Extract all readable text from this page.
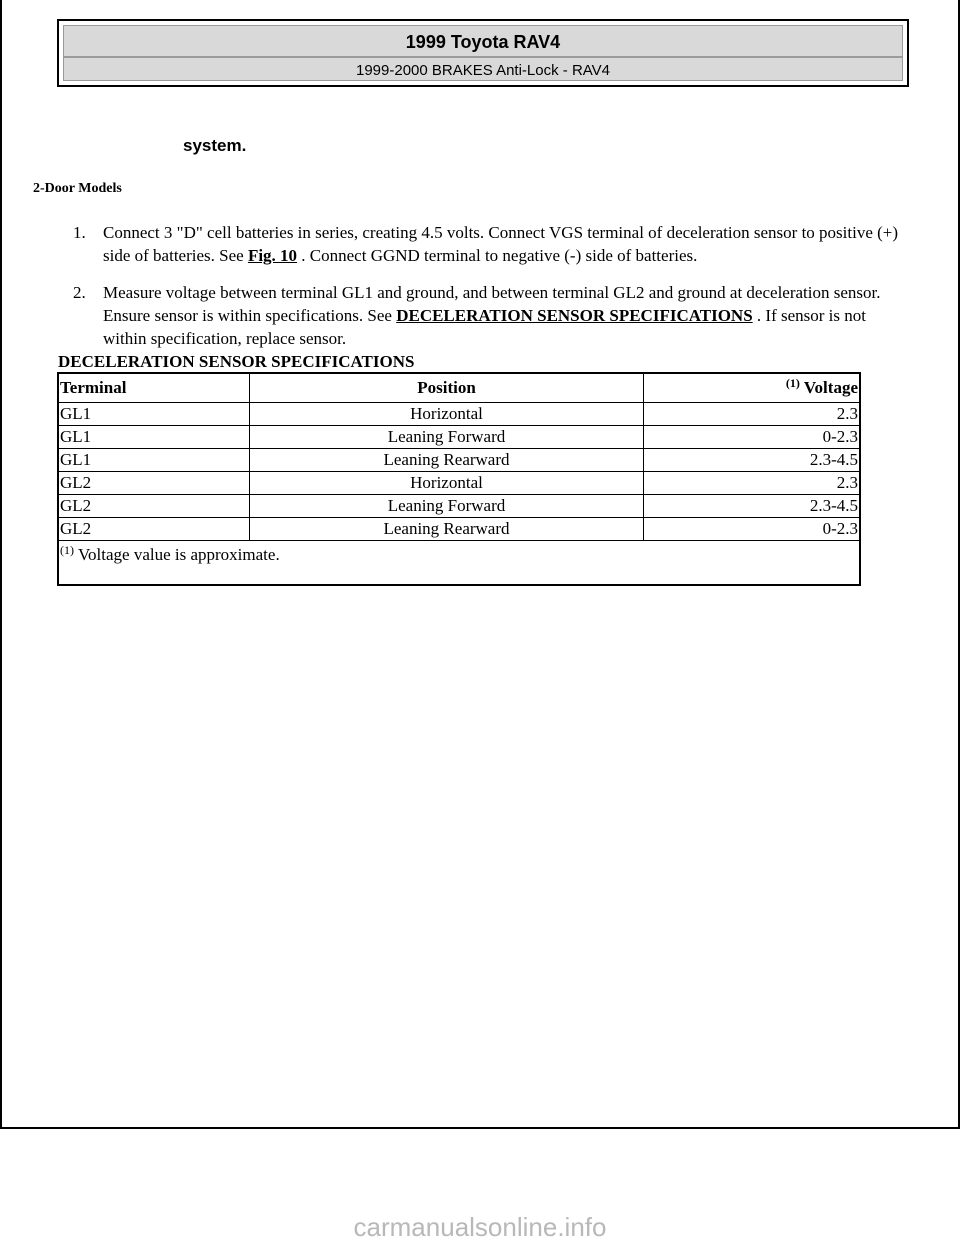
1999 Toyota RAV4
1999-2000 BRAKES Anti-Lock - RAV4
system.
2-Door Models
1. Connect 3 "D" cell batteries in series, creating 4.5 volts. Connect VGS terminal of deceleration sensor to positive (+) side of batteries. See Fig. 10 . Connect GGND terminal to negative (-) side of batteries.
2. Measure voltage between terminal GL1 and ground, and between terminal GL2 and ground at deceleration sensor. Ensure sensor is within specifications. See DECELERATION SENSOR SPECIFICATIONS . If sensor is not within specification, replace sensor.
DECELERATION SENSOR SPECIFICATIONS
Terminal	Position	$^{(1)}$ Voltage
GL1	Horizontal	2.3
GL1	Leaning Forward	0-2.3
GL1	Leaning Rearward	2.3-4.5
GL2	Horizontal	2.3
GL2	Leaning Forward	2.3-4.5
GL2	Leaning Rearward	0-2.3
$^{(1)}$ Voltage value is approximate.		
carmanualsonline.info
